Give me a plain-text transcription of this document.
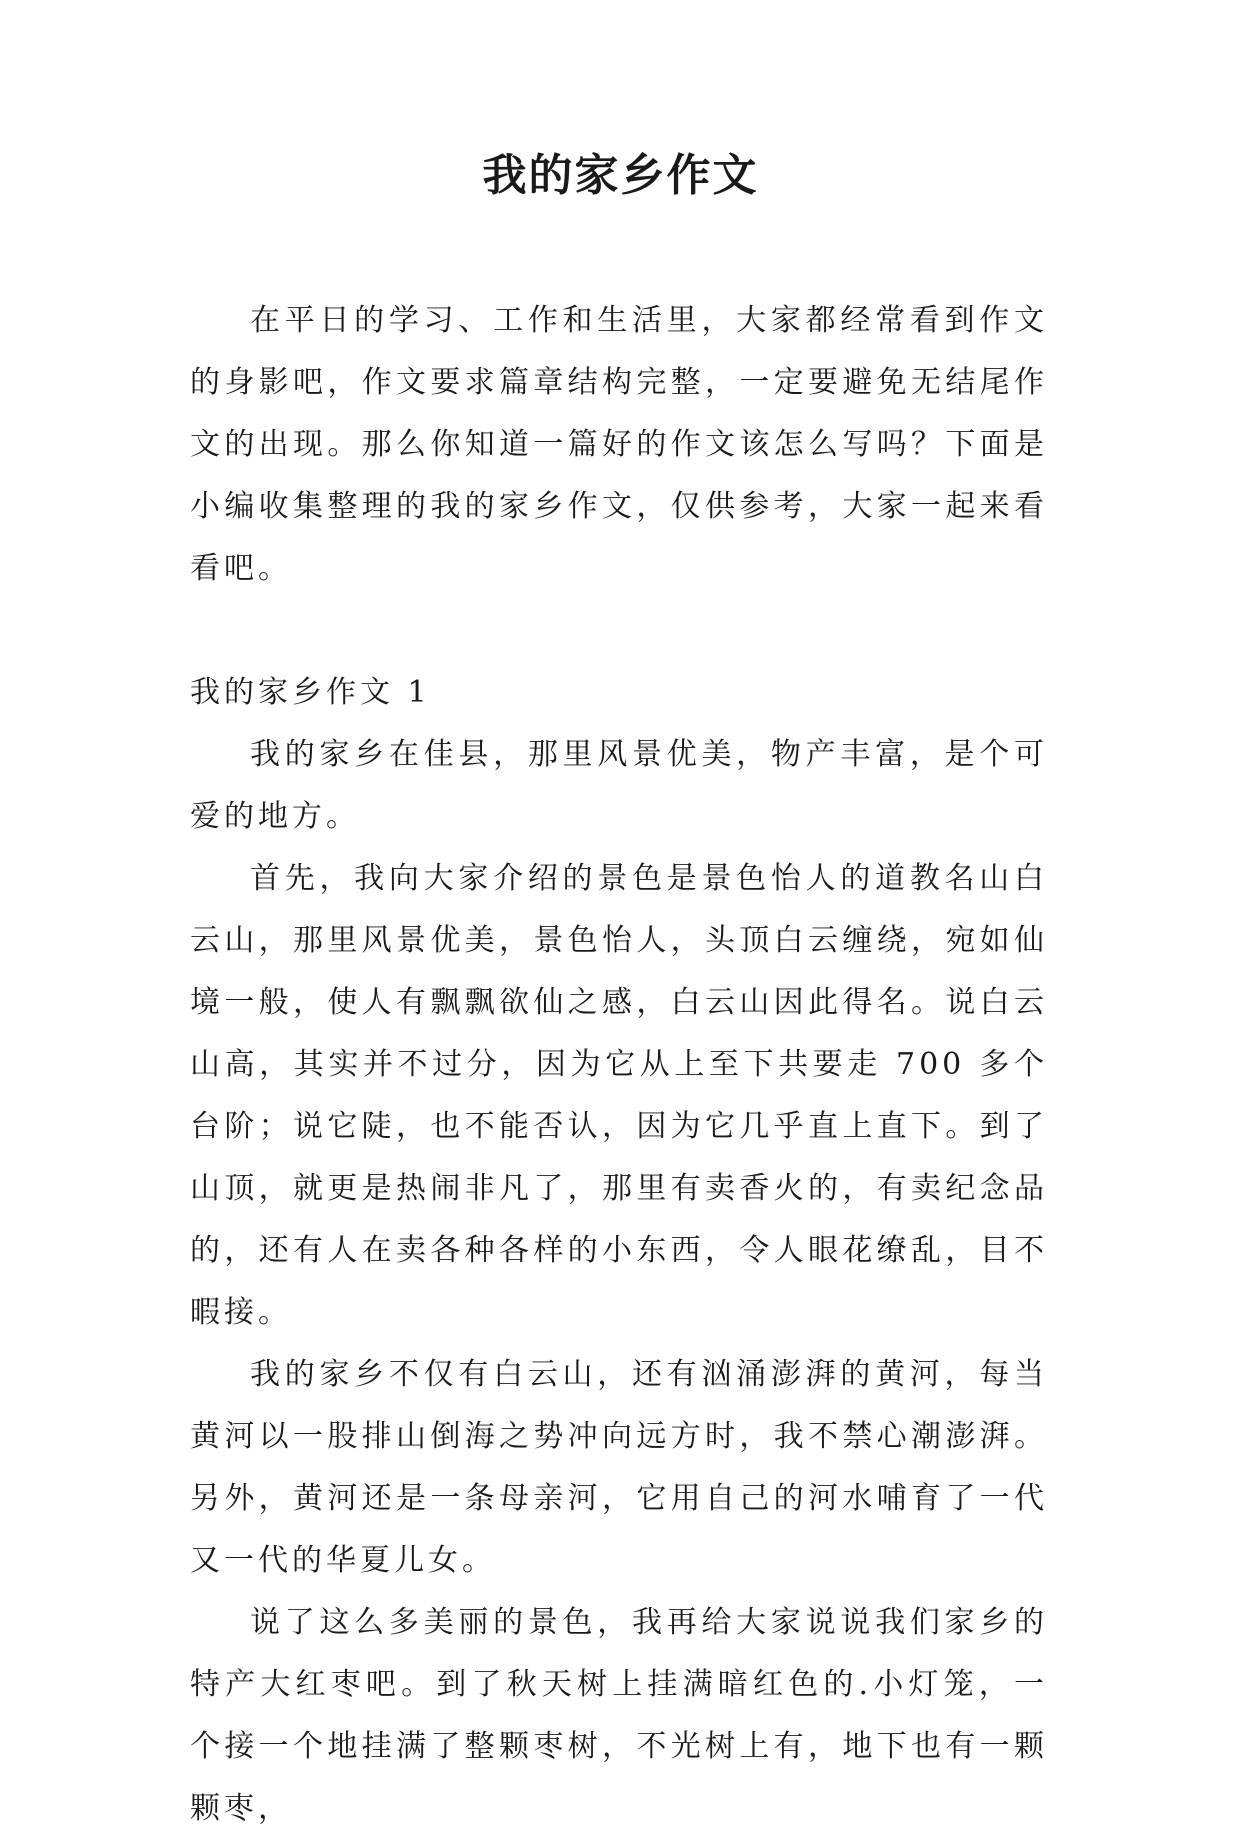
我的家乡作文

在平日的学习、工作和生活里，大家都经常看到作文的身影吧，作文要求篇章结构完整，一定要避免无结尾作文的出现。那么你知道一篇好的作文该怎么写吗？下面是小编收集整理的我的家乡作文，仅供参考，大家一起来看看吧。

我的家乡作文 1

我的家乡在佳县，那里风景优美，物产丰富，是个可爱的地方。

首先，我向大家介绍的景色是景色怡人的道教名山白云山，那里风景优美，景色怡人，头顶白云缠绕，宛如仙境一般，使人有飘飘欲仙之感，白云山因此得名。说白云山高，其实并不过分，因为它从上至下共要走 700 多个台阶；说它陡，也不能否认，因为它几乎直上直下。到了山顶，就更是热闹非凡了，那里有卖香火的，有卖纪念品的，还有人在卖各种各样的小东西，令人眼花缭乱，目不暇接。

我的家乡不仅有白云山，还有汹涌澎湃的黄河，每当黄河以一股排山倒海之势冲向远方时，我不禁心潮澎湃。另外，黄河还是一条母亲河，它用自己的河水哺育了一代又一代的华夏儿女。

说了这么多美丽的景色，我再给大家说说我们家乡的特产大红枣吧。到了秋天树上挂满暗红色的.小灯笼，一个接一个地挂满了整颗枣树，不光树上有，地下也有一颗颗枣，
